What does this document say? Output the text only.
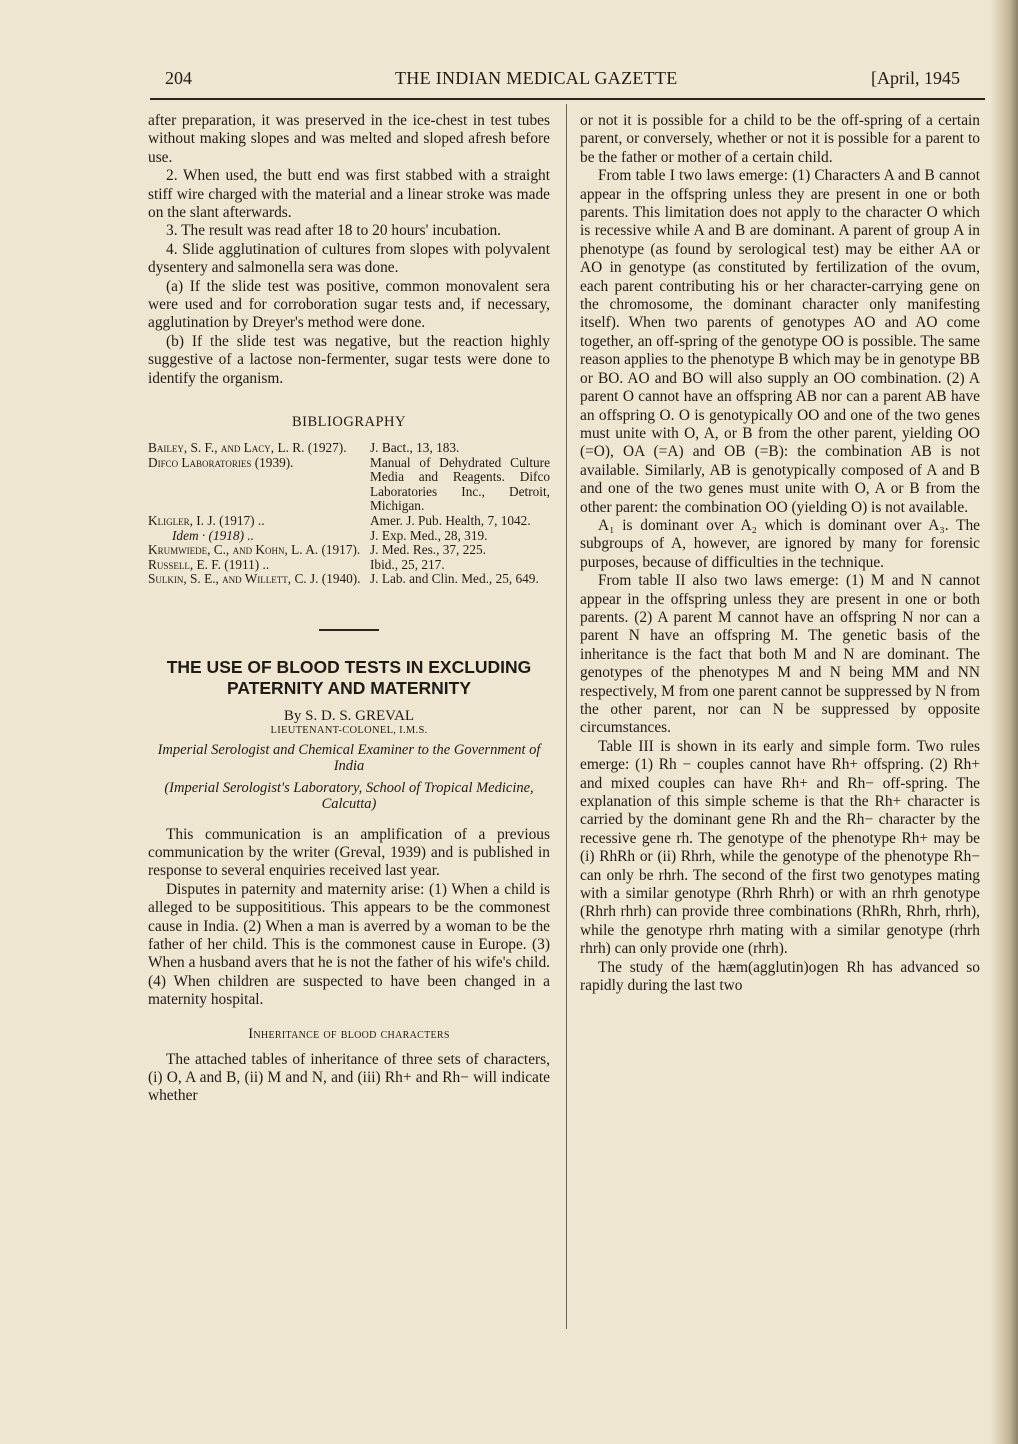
204	THE INDIAN MEDICAL GAZETTE	[April, 1945

after preparation, it was preserved in the ice-chest in test tubes without making slopes and was melted and sloped afresh before use.

2. When used, the butt end was first stabbed with a straight stiff wire charged with the material and a linear stroke was made on the slant afterwards.

3. The result was read after 18 to 20 hours' incubation.

4. Slide agglutination of cultures from slopes with polyvalent dysentery and salmonella sera was done.

(a) If the slide test was positive, common monovalent sera were used and for corroboration sugar tests and, if necessary, agglutination by Dreyer's method were done.

(b) If the slide test was negative, but the reaction highly suggestive of a lactose non-fermenter, sugar tests were done to identify the organism.

BIBLIOGRAPHY
Bailey, S. F., and Lacy, L. R. (1927).	J. Bact., 13, 183.
Difco Laboratories (1939).	Manual of Dehydrated Culture Media and Reagents. Difco Laboratories Inc., Detroit, Michigan.
Kligler, I. J. (1917) ..	Amer. J. Pub. Health, 7, 1042.
Idem · (1918) ..	J. Exp. Med., 28, 319.
Krumwiede, C., and Kohn, L. A. (1917).	J. Med. Res., 37, 225.
Russell, E. F. (1911) ..	Ibid., 25, 217.
Sulkin, S. E., and Willett, C. J. (1940).	J. Lab. and Clin. Med., 25, 649.
THE USE OF BLOOD TESTS IN EXCLUDING PATERNITY AND MATERNITY
By S. D. S. GREVAL
LIEUTENANT-COLONEL, I.M.S.
Imperial Serologist and Chemical Examiner to the Government of India
(Imperial Serologist's Laboratory, School of Tropical Medicine, Calcutta)

This communication is an amplification of a previous communication by the writer (Greval, 1939) and is published in response to several enquiries received last year.

Disputes in paternity and maternity arise: (1) When a child is alleged to be supposititious. This appears to be the commonest cause in India. (2) When a man is averred by a woman to be the father of her child. This is the commonest cause in Europe. (3) When a husband avers that he is not the father of his wife's child. (4) When children are suspected to have been changed in a maternity hospital.

Inheritance of blood characters

The attached tables of inheritance of three sets of characters, (i) O, A and B, (ii) M and N, and (iii) Rh+ and Rh− will indicate whether

or not it is possible for a child to be the off-spring of a certain parent, or conversely, whether or not it is possible for a parent to be the father or mother of a certain child.

From table I two laws emerge: (1) Characters A and B cannot appear in the offspring unless they are present in one or both parents. This limitation does not apply to the character O which is recessive while A and B are dominant. A parent of group A in phenotype (as found by serological test) may be either AA or AO in genotype (as constituted by fertilization of the ovum, each parent contributing his or her character-carrying gene on the chromosome, the dominant character only manifesting itself). When two parents of genotypes AO and AO come together, an off-spring of the genotype OO is possible. The same reason applies to the phenotype B which may be in genotype BB or BO. AO and BO will also supply an OO combination. (2) A parent O cannot have an offspring AB nor can a parent AB have an offspring O. O is genotypically OO and one of the two genes must unite with O, A, or B from the other parent, yielding OO (=O), OA (=A) and OB (=B): the combination AB is not available. Similarly, AB is genotypically composed of A and B and one of the two genes must unite with O, A or B from the other parent: the combination OO (yielding O) is not available.

A₁ is dominant over A₂ which is dominant over A₃. The subgroups of A, however, are ignored by many for forensic purposes, because of difficulties in the technique.

From table II also two laws emerge: (1) M and N cannot appear in the offspring unless they are present in one or both parents. (2) A parent M cannot have an offspring N nor can a parent N have an offspring M. The genetic basis of the inheritance is the fact that both M and N are dominant. The genotypes of the phenotypes M and N being MM and NN respectively, M from one parent cannot be suppressed by N from the other parent, nor can N be suppressed by opposite circumstances.

Table III is shown in its early and simple form. Two rules emerge: (1) Rh − couples cannot have Rh+ offspring. (2) Rh+ and mixed couples can have Rh+ and Rh− off-spring. The explanation of this simple scheme is that the Rh+ character is carried by the dominant gene Rh and the Rh− character by the recessive gene rh. The genotype of the phenotype Rh+ may be (i) RhRh or (ii) Rhrh, while the genotype of the phenotype Rh− can only be rhrh. The second of the first two genotypes mating with a similar genotype (Rhrh Rhrh) or with an rhrh genotype (Rhrh rhrh) can provide three combinations (RhRh, Rhrh, rhrh), while the genotype rhrh mating with a similar genotype (rhrh rhrh) can only provide one (rhrh).

The study of the hæm(agglutin)ogen Rh has advanced so rapidly during the last two
